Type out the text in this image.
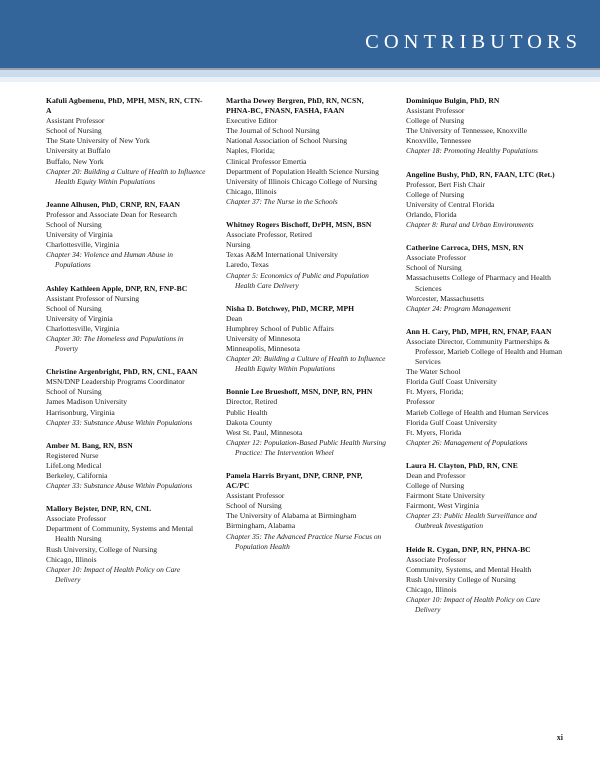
CONTRIBUTORS
Kafuli Agbemenu, PhD, MPH, MSN, RN, CTN-A
Assistant Professor
School of Nursing
The State University of New York
University at Buffalo
Buffalo, New York
Chapter 20: Building a Culture of Health to Influence Health Equity Within Populations
Jeanne Alhusen, PhD, CRNP, RN, FAAN
Professor and Associate Dean for Research
School of Nursing
University of Virginia
Charlottesville, Virginia
Chapter 34: Violence and Human Abuse in Populations
Ashley Kathleen Apple, DNP, RN, FNP-BC
Assistant Professor of Nursing
School of Nursing
University of Virginia
Charlottesville, Virginia
Chapter 30: The Homeless and Populations in Poverty
Christine Argenbright, PhD, RN, CNL, FAAN
MSN/DNP Leadership Programs Coordinator
School of Nursing
James Madison University
Harrisonburg, Virginia
Chapter 33: Substance Abuse Within Populations
Amber M. Bang, RN, BSN
Registered Nurse
LifeLong Medical
Berkeley, California
Chapter 33: Substance Abuse Within Populations
Mallory Bejster, DNP, RN, CNL
Associate Professor
Department of Community, Systems and Mental Health Nursing
Rush University, College of Nursing
Chicago, Illinois
Chapter 10: Impact of Health Policy on Care Delivery
Martha Dewey Bergren, PhD, RN, NCSN, PHNA-BC, FNASN, FASHA, FAAN
Executive Editor
The Journal of School Nursing
National Association of School Nursing
Naples, Florida;
Clinical Professor Emertia
Department of Population Health Science Nursing
University of Illinois Chicago College of Nursing
Chicago, Illinois
Chapter 37: The Nurse in the Schools
Whitney Rogers Bischoff, DrPH, MSN, BSN
Associate Professor, Retired
Nursing
Texas A&M International University
Laredo, Texas
Chapter 5: Economics of Public and Population Health Care Delivery
Nisha D. Botchwey, PhD, MCRP, MPH
Dean
Humphrey School of Public Affairs
University of Minnesota
Minneapolis, Minnesota
Chapter 20: Building a Culture of Health to Influence Health Equity Within Populations
Bonnie Lee Brueshoff, MSN, DNP, RN, PHN
Director, Retired
Public Health
Dakota County
West St. Paul, Minnesota
Chapter 12: Population-Based Public Health Nursing Practice: The Intervention Wheel
Pamela Harris Bryant, DNP, CRNP, PNP, AC/PC
Assistant Professor
School of Nursing
The University of Alabama at Birmingham
Birmingham, Alabama
Chapter 35: The Advanced Practice Nurse Focus on Population Health
Dominique Bulgin, PhD, RN
Assistant Professor
College of Nursing
The University of Tennessee, Knoxville
Knoxville, Tennessee
Chapter 18: Promoting Healthy Populations
Angeline Bushy, PhD, RN, FAAN, LTC (Ret.)
Professor, Bert Fish Chair
College of Nursing
University of Central Florida
Orlando, Florida
Chapter 8: Rural and Urban Environments
Catherine Carroca, DHS, MSN, RN
Associate Professor
School of Nursing
Massachusetts College of Pharmacy and Health Sciences
Worcester, Massachusetts
Chapter 24: Program Management
Ann H. Cary, PhD, MPH, RN, FNAP, FAAN
Associate Director, Community Partnerships & Professor, Marieb College of Health and Human Services
The Water School
Florida Gulf Coast University
Ft. Myers, Florida;
Professor
Marieb College of Health and Human Services
Florida Gulf Coast University
Ft. Myers, Florida
Chapter 26: Management of Populations
Laura H. Clayton, PhD, RN, CNE
Dean and Professor
College of Nursing
Fairmont State University
Fairmont, West Virginia
Chapter 23: Public Health Surveillance and Outbreak Investigation
Heide R. Cygan, DNP, RN, PHNA-BC
Associate Professor
Community, Systems, and Mental Health
Rush University College of Nursing
Chicago, Illinois
Chapter 10: Impact of Health Policy on Care Delivery
xi
